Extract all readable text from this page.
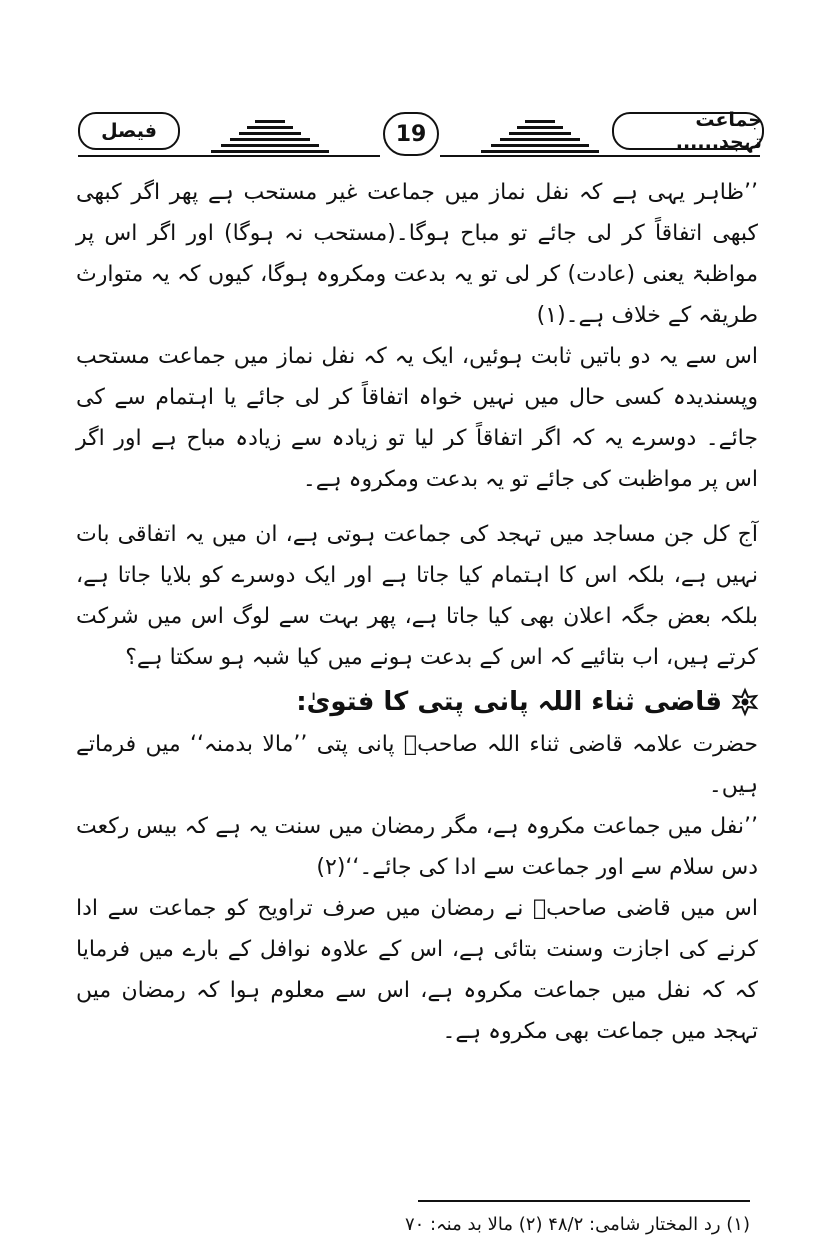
فیصل	19
جماعت تہجد......

’’ظاہر یہی ہے کہ نفل نماز میں جماعت غیر مستحب ہے پھر اگر کبھی کبھی اتفاقاً کر لی جائے تو مباح ہوگا۔(مستحب نہ ہوگا) اور اگر اس پر مواظبۃ یعنی (عادت) کر لی تو یہ بدعت ومکروہ ہوگا، کیوں کہ یہ متوارث طریقہ کے خلاف ہے۔(۱)

اس سے یہ دو باتیں ثابت ہوئیں، ایک یہ کہ نفل نماز میں جماعت مستحب وپسندیدہ کسی حال میں نہیں خواہ اتفاقاً کر لی جائے یا اہتمام سے کی جائے۔ دوسرے یہ کہ اگر اتفاقاً کر لیا تو زیادہ سے زیادہ مباح ہے اور اگر اس پر مواظبت کی جائے تو یہ بدعت ومکروہ ہے۔

آج کل جن مساجد میں تہجد کی جماعت ہوتی ہے، ان میں یہ اتفاقی بات نہیں ہے، بلکہ اس کا اہتمام کیا جاتا ہے اور ایک دوسرے کو بلایا جاتا ہے، بلکہ بعض جگہ اعلان بھی کیا جاتا ہے، پھر بہت سے لوگ اس میں شرکت کرتے ہیں، اب بتائیے کہ اس کے بدعت ہونے میں کیا شبہ ہو سکتا ہے؟

قاضی ثناء اللہ پانی پتی کا فتویٰ:

حضرت علامہ قاضی ثناء اللہ صاحبؒ پانی پتی ’’مالا بدمنہ‘‘ میں فرماتے ہیں۔

’’نفل میں جماعت مکروہ ہے، مگر رمضان میں سنت یہ ہے کہ بیس رکعت دس سلام سے اور جماعت سے ادا کی جائے۔‘‘(۲)

اس میں قاضی صاحبؒ نے رمضان میں صرف تراویح کو جماعت سے ادا کرنے کی اجازت وسنت بتائی ہے، اس کے علاوہ نوافل کے بارے میں فرمایا کہ کہ نفل میں جماعت مکروہ ہے، اس سے معلوم ہوا کہ رمضان میں تہجد میں جماعت بھی مکروہ ہے۔

(۱) رد المختار شامی: ۴۸/۲ (۲) مالا بد منہ: ۷۰
